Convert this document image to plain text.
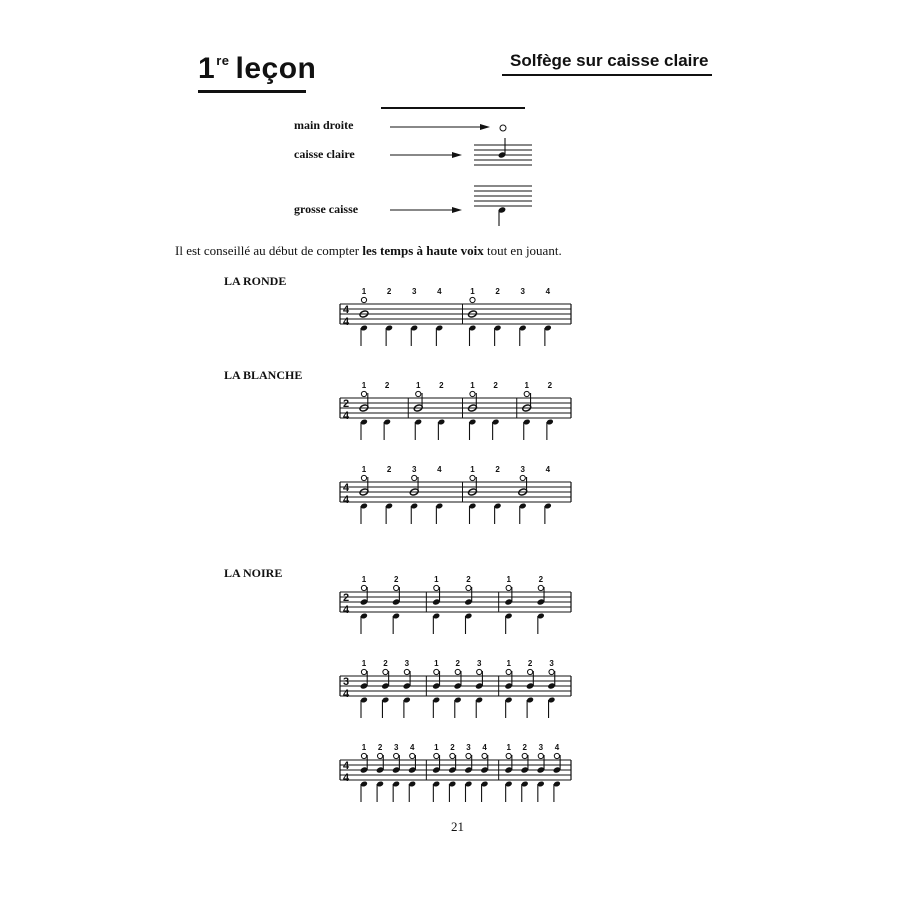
1re leçon	Solfège sur caisse claire
main droite
caisse claire
grosse caisse
Il est conseillé au début de compter les temps à haute voix tout en jouant.
LA RONDE
LA BLANCHE
LA NOIRE
4
4
1	2	3	4	1	2	3	4
2
4
1 2	1 2	1 2	1 2
4
4
1	2	3	4	1	2	3	4
2
4
1	2	1	2	1	2
3
4
1 2 3	1 2 3	1 2 3
4
4
1 2 3 4 1 2 3 4 1 2 3 4
21
